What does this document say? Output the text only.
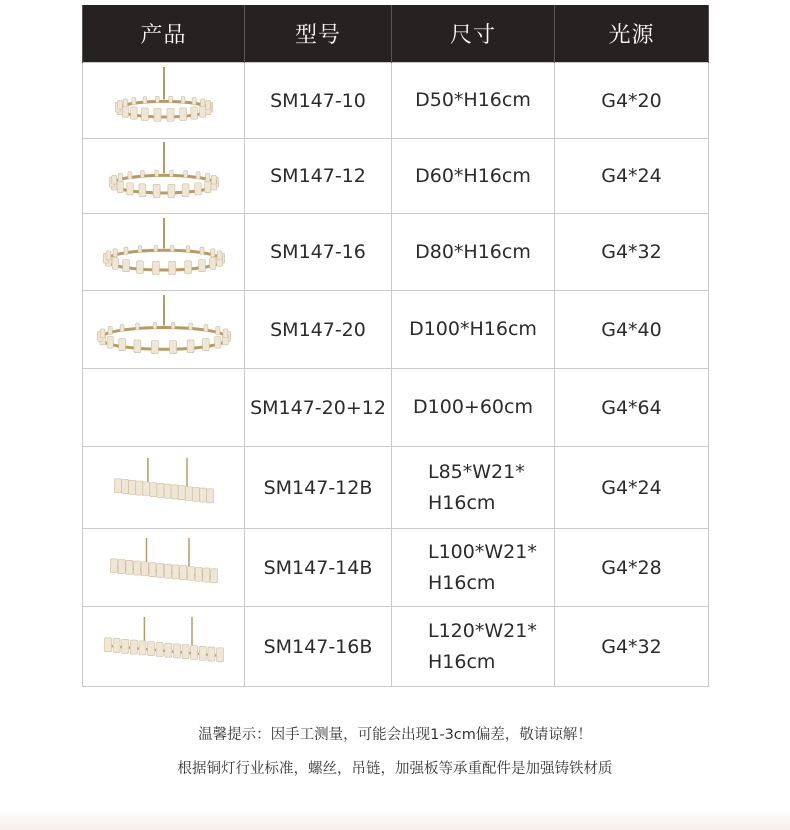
产品	型号	尺寸	光源

	SM147-10	D50*H16cm	G4*20

	SM147-12	D60*H16cm	G4*24

	SM147-16	D80*H16cm	G4*32

	SM147-20	D100*H16cm	G4*40
	SM147-20+12	D100+60cm	G4*64

	SM147-12B	L85*W21*
H16cm	G4*24

	SM147-14B	L100*W21*
H16cm	G4*28

	SM147-16B	L120*W21*
H16cm	G4*32
温馨提示：因手工测量，可能会出现1-3cm偏差，敬请谅解！
根据铜灯行业标准，螺丝，吊链，加强板等承重配件是加强铸铁材质
